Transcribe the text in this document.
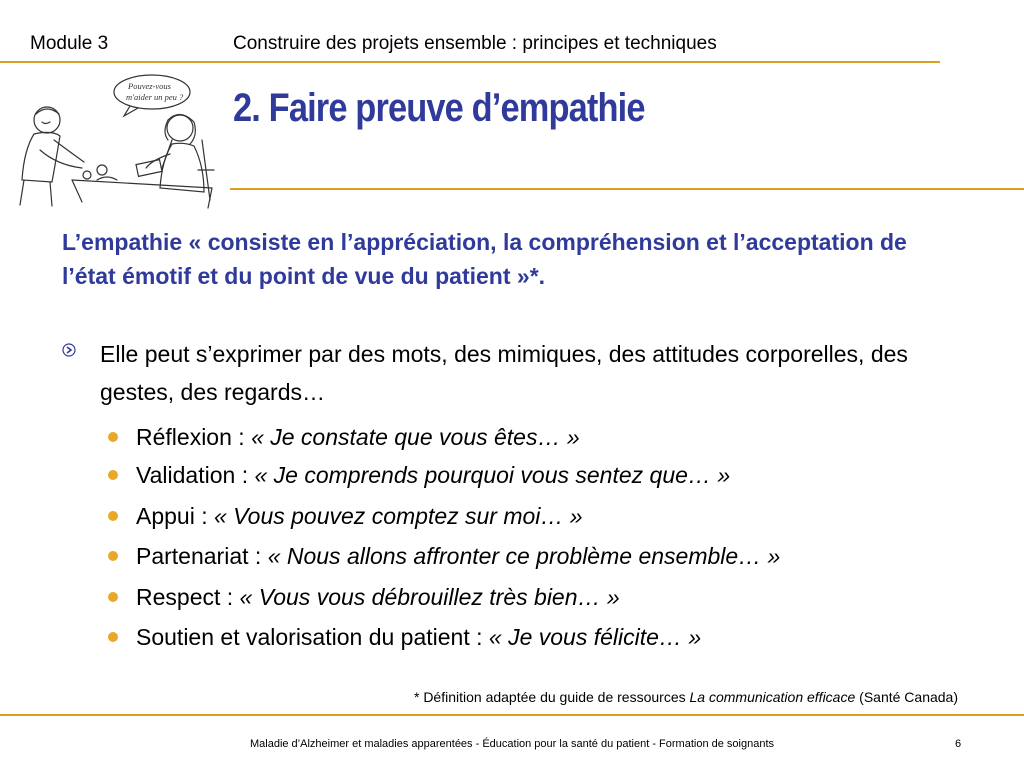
Module 3	Construire des projets ensemble : principes et techniques
Pouvez-vous
m'aider un peu ? 2. Faire preuve d’empathie
L’empathie « consiste en l’appréciation, la compréhension et l’acceptation de l’état émotif et du point de vue du patient »*.
Elle peut s’exprimer par des mots, des mimiques, des attitudes corporelles, des gestes, des regards…
Réflexion : « Je constate que vous êtes… »
Validation : « Je comprends pourquoi vous sentez que… »
Appui : « Vous pouvez comptez sur moi… »
Partenariat : « Nous allons affronter ce problème ensemble… »
Respect : « Vous vous débrouillez très bien… »
Soutien et valorisation du patient : « Je vous félicite… »
* Définition adaptée du guide de ressources La communication efficace (Santé Canada)
Maladie d’Alzheimer et maladies apparentées - Éducation pour la santé du patient - Formation de soignants	6
